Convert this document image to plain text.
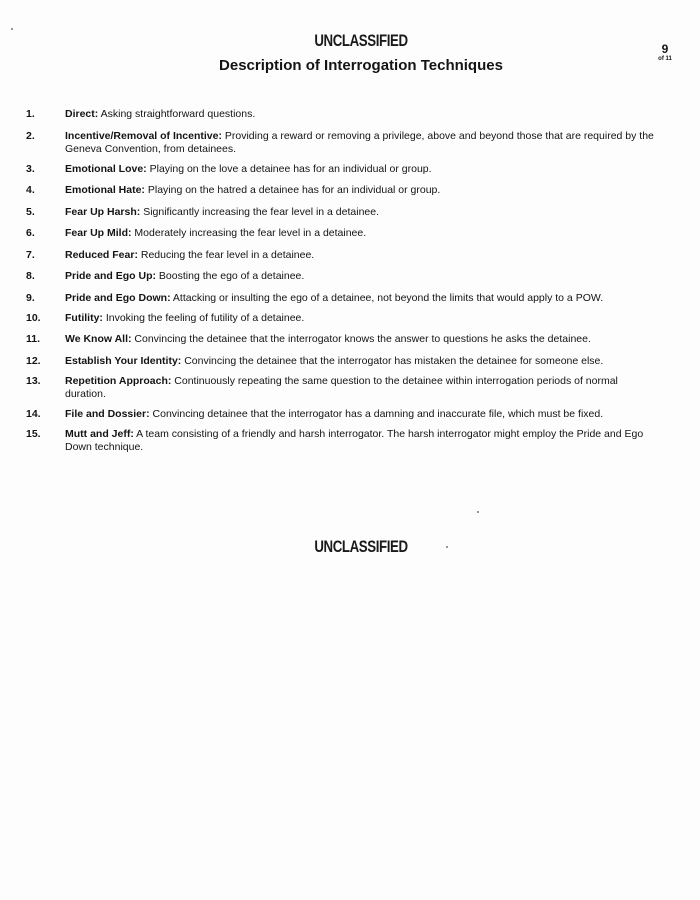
UNCLASSIFIED	9
of 11
Description of Interrogation Techniques
1.	Direct: Asking straightforward questions.
2.	Incentive/Removal of Incentive: Providing a reward or removing a privilege, above and beyond those that are required by the Geneva Convention, from detainees.
3.	Emotional Love: Playing on the love a detainee has for an individual or group.
4.	Emotional Hate: Playing on the hatred a detainee has for an individual or group.
5.	Fear Up Harsh: Significantly increasing the fear level in a detainee.
6.	Fear Up Mild: Moderately increasing the fear level in a detainee.
7.	Reduced Fear: Reducing the fear level in a detainee.
8.	Pride and Ego Up: Boosting the ego of a detainee.
9.	Pride and Ego Down: Attacking or insulting the ego of a detainee, not beyond the limits that would apply to a POW.
10. Futility: Invoking the feeling of futility of a detainee.
11. We Know All: Convincing the detainee that the interrogator knows the answer to questions he asks the detainee.
12. Establish Your Identity: Convincing the detainee that the interrogator has mistaken the detainee for someone else.
13. Repetition Approach: Continuously repeating the same question to the detainee within interrogation periods of normal duration.
14. File and Dossier: Convincing detainee that the interrogator has a damning and inaccurate file, which must be fixed.
15. Mutt and Jeff: A team consisting of a friendly and harsh interrogator. The harsh interrogator might employ the Pride and Ego Down technique.
UNCLASSIFIED
